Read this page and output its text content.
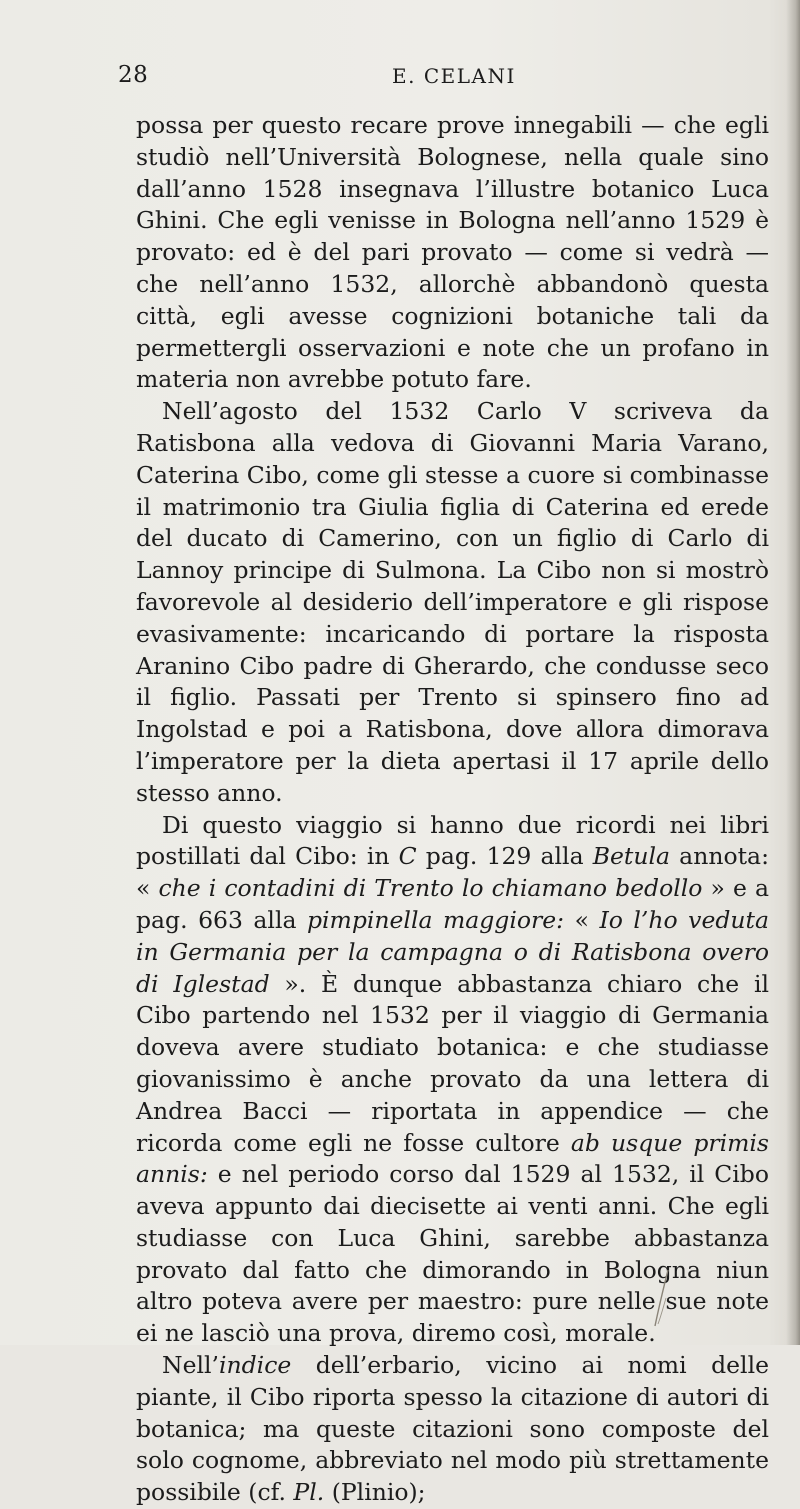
28	E. CELANI

possa per questo recare prove innegabili — che egli studiò nell’Università Bolognese, nella quale sino dall’anno 1528 insegnava l’illustre botanico Luca Ghini. Che egli venisse in Bologna nell’anno 1529 è provato: ed è del pari provato — come si vedrà — che nell’anno 1532, allorchè abbandonò questa città, egli avesse cognizioni botaniche tali da permettergli osservazioni e note che un profano in materia non avrebbe potuto fare.

Nell’agosto del 1532 Carlo V scriveva da Ratisbona alla vedova di Giovanni Maria Varano, Caterina Cibo, come gli stesse a cuore si combinasse il matrimonio tra Giulia figlia di Caterina ed erede del ducato di Camerino, con un figlio di Carlo di Lannoy principe di Sulmona. La Cibo non si mostrò favorevole al desiderio dell’imperatore e gli rispose evasivamente: incaricando di portare la risposta Aranino Cibo padre di Gherardo, che condusse seco il figlio. Passati per Trento si spinsero fino ad Ingolstad e poi a Ratisbona, dove allora dimorava l’imperatore per la dieta apertasi il 17 aprile dello stesso anno.

Di questo viaggio si hanno due ricordi nei libri postillati dal Cibo: in C pag. 129 alla Betula annota: « che i contadini di Trento lo chiamano bedollo » e a pag. 663 alla pimpinella maggiore: « Io l’ho veduta in Germania per la campagna o di Ratisbona overo di Iglestad ». È dunque abbastanza chiaro che il Cibo partendo nel 1532 per il viaggio di Germania doveva avere studiato botanica: e che studiasse giovanissimo è anche provato da una lettera di Andrea Bacci — riportata in appendice — che ricorda come egli ne fosse cultore ab usque primis annis: e nel periodo corso dal 1529 al 1532, il Cibo aveva appunto dai diecisette ai venti anni. Che egli studiasse con Luca Ghini, sarebbe abbastanza provato dal fatto che dimorando in Bologna niun altro poteva avere per maestro: pure nelle sue note ei ne lasciò una prova, diremo così, morale.

Nell’indice dell’erbario, vicino ai nomi delle piante, il Cibo riporta spesso la citazione di autori di botanica; ma queste citazioni sono composte del solo cognome, abbreviato nel modo più strettamente possibile (cf. Pl. (Plinio);
